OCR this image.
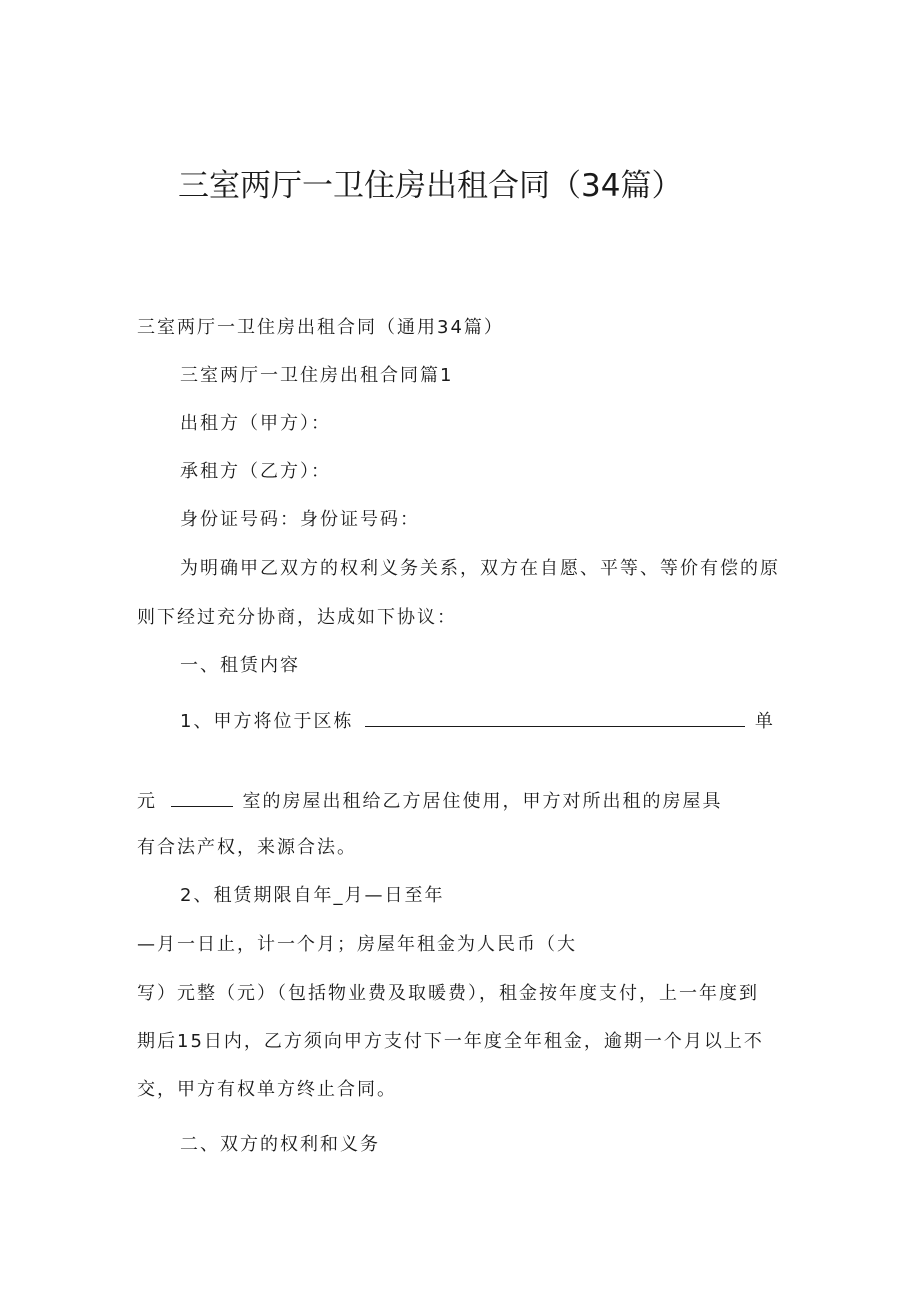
三室两厅一卫住房出租合同（34篇）
三室两厅一卫住房出租合同（通用34篇）
三室两厅一卫住房出租合同篇1
出租方（甲方）：
承租方（乙方）：
身份证号码：身份证号码：
为明确甲乙双方的权利义务关系，双方在自愿、平等、等价有偿的原
则下经过充分协商，达成如下协议：
一、租赁内容
1、甲方将位于区栋	单
元	室的房屋出租给乙方居住使用，甲方对所出租的房屋具
有合法产权，来源合法。
2、租赁期限自年_月—日至年
—月一日止，计一个月；房屋年租金为人民币（大
写）元整（元）（包括物业费及取暖费），租金按年度支付，上一年度到
期后15日内，乙方须向甲方支付下一年度全年租金，逾期一个月以上不
交，甲方有权单方终止合同。
二、双方的权利和义务
